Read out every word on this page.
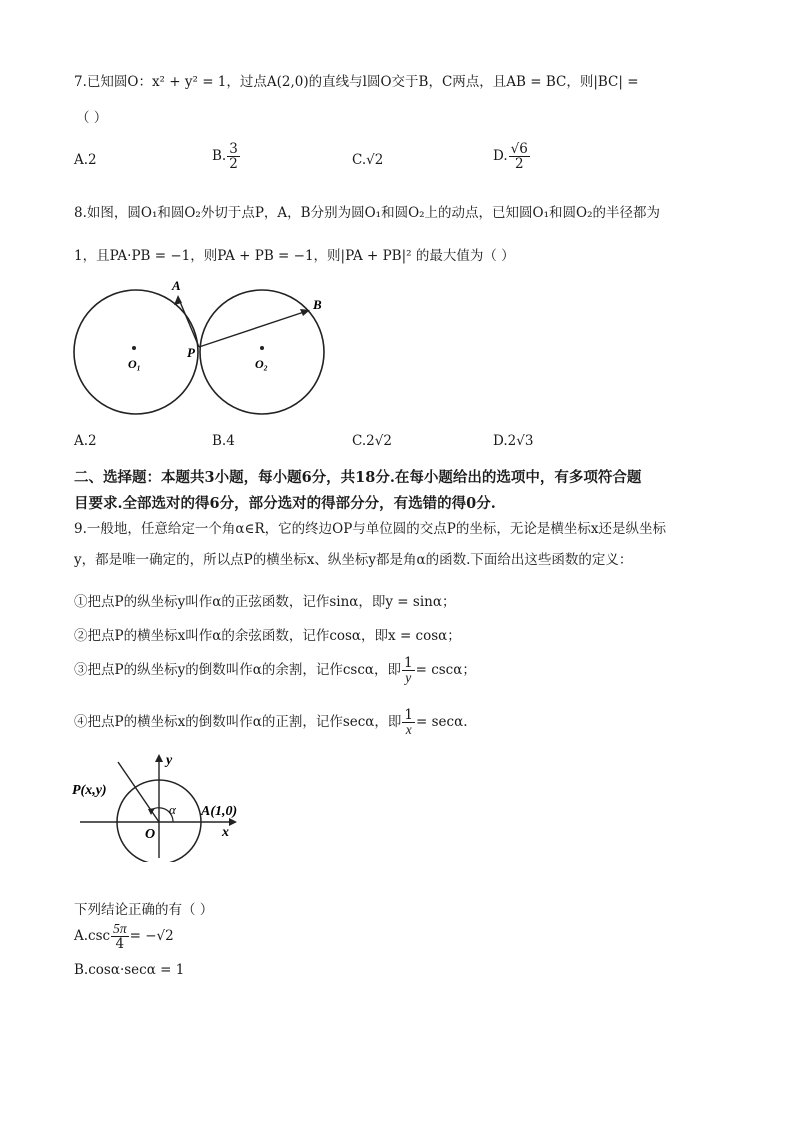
7.已知圆O：x² + y² = 1，过点A(2,0)的直线与l圆O交于B，C两点，且AB = BC，则|BC| =
（ ）
A.2	B. $\frac{3}{2}$	C.√2	D. $\frac{√6}{2}$
8.如图，圆O₁和圆O₂外切于点P，A，B分别为圆O₁和圆O₂上的动点，已知圆O₁和圆O₂的半径都为
1，且PA·PB = −1，则PA + PB = −1，则|PA + PB|² 的最大值为（ ）
A
B
P
O₁	O₂
A.2	B.4	C.2√2	D.2√3
二、选择题：本题共3小题，每小题6分，共18分.在每小题给出的选项中，有多项符合题
目要求.全部选对的得6分，部分选对的得部分分，有选错的得0分.
9.一般地，任意给定一个角α∈R，它的终边OP与单位圆的交点P的坐标，无论是横坐标x还是纵坐标
y，都是唯一确定的，所以点P的横坐标x、纵坐标y都是角α的函数.下面给出这些函数的定义：
①把点P的纵坐标y叫作α的正弦函数，记作sinα，即y = sinα；
②把点P的横坐标x叫作α的余弦函数，记作cosα，即x = cosα；
③把点P的纵坐标y的倒数叫作α的余割，记作cscα，即 $\frac{1}{y} = \csc\alpha$；
④把点P的横坐标x的倒数叫作α的正割，记作secα，即 $\frac{1}{x} = \sec\alpha$.
y
x
O
P(x,y)
A(1,0)
α
下列结论正确的有（ ）
$A.\csc \frac{5\pi}{4} = -√2$
B.cosα·secα = 1
